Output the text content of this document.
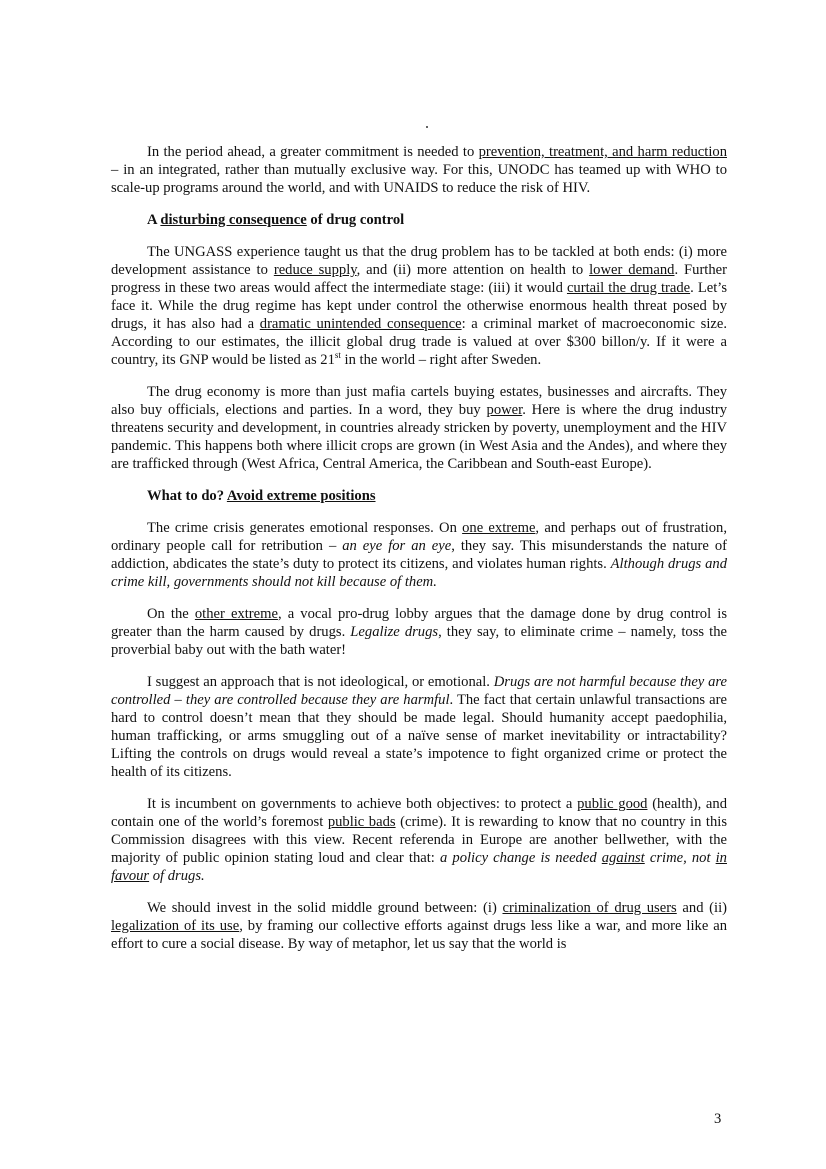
In the period ahead, a greater commitment is needed to prevention, treatment, and harm reduction – in an integrated, rather than mutually exclusive way. For this, UNODC has teamed up with WHO to scale-up programs around the world, and with UNAIDS to reduce the risk of HIV.

A disturbing consequence of drug control

The UNGASS experience taught us that the drug problem has to be tackled at both ends: (i) more development assistance to reduce supply, and (ii) more attention on health to lower demand. Further progress in these two areas would affect the intermediate stage: (iii) it would curtail the drug trade. Let’s face it. While the drug regime has kept under control the otherwise enormous health threat posed by drugs, it has also had a dramatic unintended consequence: a criminal market of macroeconomic size. According to our estimates, the illicit global drug trade is valued at over $300 billon/y. If it were a country, its GNP would be listed as 21st in the world – right after Sweden.

The drug economy is more than just mafia cartels buying estates, businesses and aircrafts. They also buy officials, elections and parties. In a word, they buy power. Here is where the drug industry threatens security and development, in countries already stricken by poverty, unemployment and the HIV pandemic. This happens both where illicit crops are grown (in West Asia and the Andes), and where they are trafficked through (West Africa, Central America, the Caribbean and South-east Europe).

What to do? Avoid extreme positions

The crime crisis generates emotional responses. On one extreme, and perhaps out of frustration, ordinary people call for retribution – an eye for an eye, they say. This misunderstands the nature of addiction, abdicates the state’s duty to protect its citizens, and violates human rights. Although drugs and crime kill, governments should not kill because of them.

On the other extreme, a vocal pro-drug lobby argues that the damage done by drug control is greater than the harm caused by drugs. Legalize drugs, they say, to eliminate crime – namely, toss the proverbial baby out with the bath water!

I suggest an approach that is not ideological, or emotional. Drugs are not harmful because they are controlled – they are controlled because they are harmful. The fact that certain unlawful transactions are hard to control doesn’t mean that they should be made legal. Should humanity accept paedophilia, human trafficking, or arms smuggling out of a naïve sense of market inevitability or intractability? Lifting the controls on drugs would reveal a state’s impotence to fight organized crime or protect the health of its citizens.

It is incumbent on governments to achieve both objectives: to protect a public good (health), and contain one of the world’s foremost public bads (crime). It is rewarding to know that no country in this Commission disagrees with this view. Recent referenda in Europe are another bellwether, with the majority of public opinion stating loud and clear that: a policy change is needed against crime, not in favour of drugs.

We should invest in the solid middle ground between: (i) criminalization of drug users and (ii) legalization of its use, by framing our collective efforts against drugs less like a war, and more like an effort to cure a social disease. By way of metaphor, let us say that the world is

3
